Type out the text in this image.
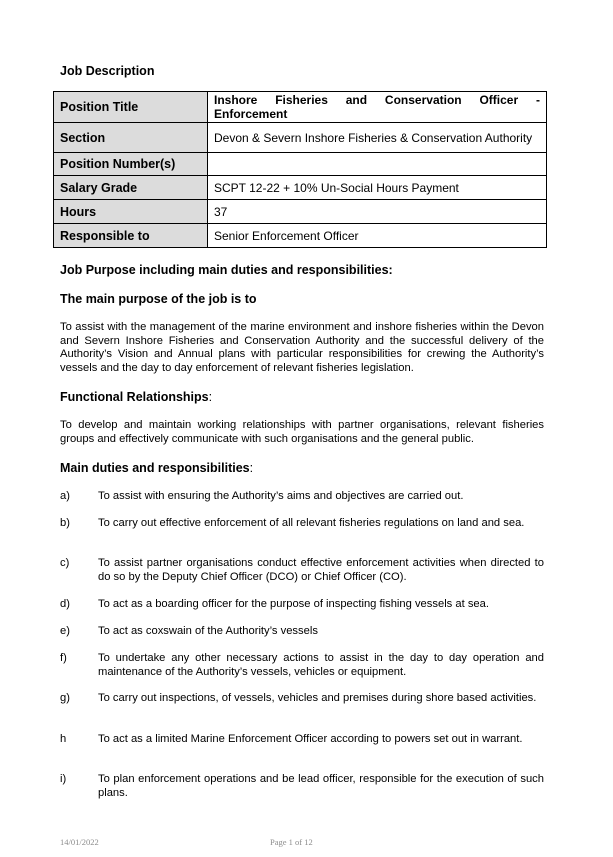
Job Description
Position Title	Inshore Fisheries and Conservation Officer - Enforcement
Section	Devon & Severn Inshore Fisheries & Conservation Authority
Position Number(s)	
Salary Grade	SCPT 12-22 + 10% Un-Social Hours Payment
Hours	37
Responsible to	Senior Enforcement Officer
Job Purpose including main duties and responsibilities:
The main purpose of the job is to
To assist with the management of the marine environment and inshore fisheries within the Devon and Severn Inshore Fisheries and Conservation Authority and the successful delivery of the Authority’s Vision and Annual plans with particular responsibilities for crewing the Authority’s vessels and the day to day enforcement of relevant fisheries legislation.
Functional Relationships:
To develop and maintain working relationships with partner organisations, relevant fisheries groups and effectively communicate with such organisations and the general public.
Main duties and responsibilities:
a)	To assist with ensuring the Authority’s aims and objectives are carried out.
b)	To carry out effective enforcement of all relevant fisheries regulations on land and sea.
c)	To assist partner organisations conduct effective enforcement activities when directed to do so by the Deputy Chief Officer (DCO) or Chief Officer (CO).
d)	To act as a boarding officer for the purpose of inspecting fishing vessels at sea.
e)	To act as coxswain of the Authority’s vessels
f)	To undertake any other necessary actions to assist in the day to day operation and maintenance of the Authority’s vessels, vehicles or equipment.
g)	To carry out inspections, of vessels, vehicles and premises during shore based activities.
h	To act as a limited Marine Enforcement Officer according to powers set out in warrant.
i)	To plan enforcement operations and be lead officer, responsible for the execution of such plans.
14/01/2022	Page 1 of 12
